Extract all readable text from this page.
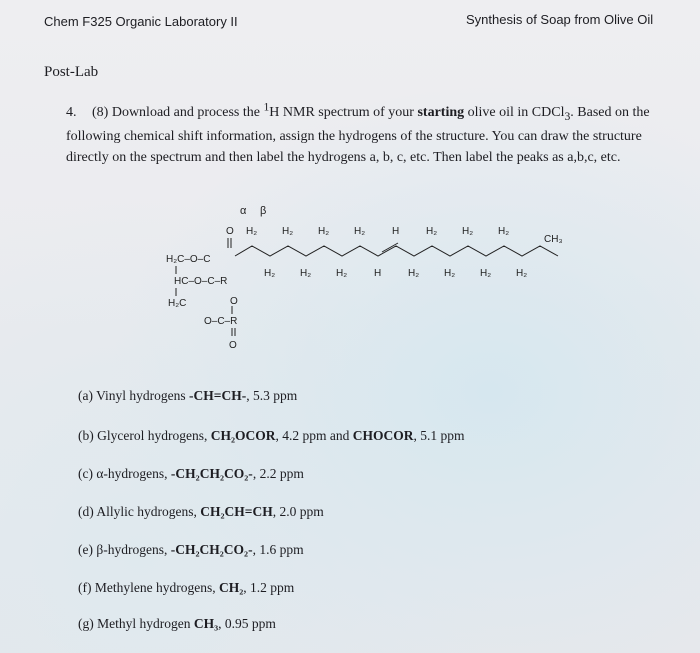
Chem F325 Organic Laboratory II	Synthesis of Soap from Olive Oil
Post-Lab
4. (8) Download and process the $^1$H NMR spectrum of your starting olive oil in CDCl$_3$. Based on the following chemical shift information, assign the hydrogens of the structure. You can draw the structure directly on the spectrum and then label the hydrogens a, b, c, etc. Then label the peaks as a,b,c, etc.
α β
O
H₂C–O–C
HC–O–C–R
H₂C	O
O–C–R
O
H₂
H₂
H₂
H₂
H₂
H₂
H₂
H
H
H₂
H₂
H₂
H₂
H₂
H₂
H₂
CH₃
(a) Vinyl hydrogens -CH=CH-, 5.3 ppm
(b) Glycerol hydrogens, CH₂OCOR, 4.2 ppm and CHOCOR, 5.1 ppm
(c) α-hydrogens, -CH₂CH₂CO₂-, 2.2 ppm
(d) Allylic hydrogens, CH₂CH=CH, 2.0 ppm
(e) β-hydrogens, -CH₂CH₂CO₂-, 1.6 ppm
(f) Methylene hydrogens, CH₂, 1.2 ppm
(g) Methyl hydrogen CH₃, 0.95 ppm
